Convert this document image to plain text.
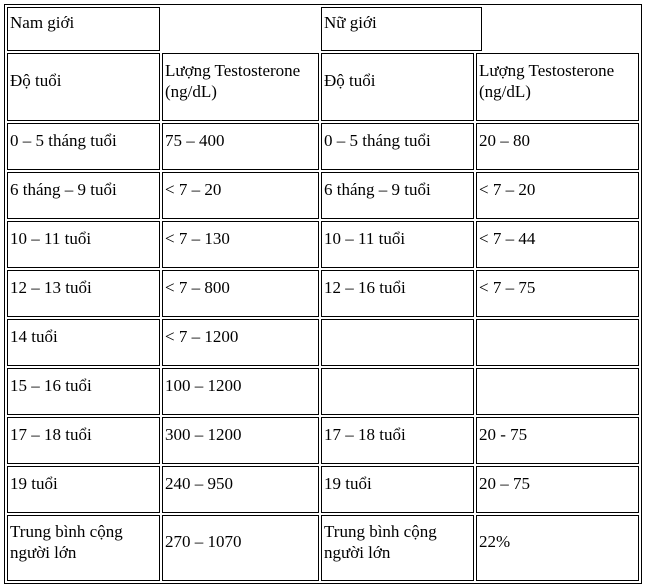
Nam giới		Nữ giới		

Độ tuổi	Lượng Testosterone (ng/dL)	Độ tuổi	Lượng Testosterone (ng/dL)	

0 – 5 tháng tuổi	75 – 400	0 – 5 tháng tuổi	20 – 80	

6 tháng – 9 tuổi	< 7 – 20	6 tháng – 9 tuổi	< 7 – 20	

10 – 11 tuổi	< 7 – 130	10 – 11 tuổi	< 7 – 44	

12 – 13 tuổi	< 7 – 800	12 – 16 tuổi	< 7 – 75	

14 tuổi	< 7 – 1200			

15 – 16 tuổi	100 – 1200			

17 – 18 tuổi	300 – 1200	17 – 18 tuổi	20 - 75	

19 tuổi	240 – 950	19 tuổi	20 – 75	

Trung bình cộng người lớn	270 – 1070	Trung bình cộng người lớn	22%	
